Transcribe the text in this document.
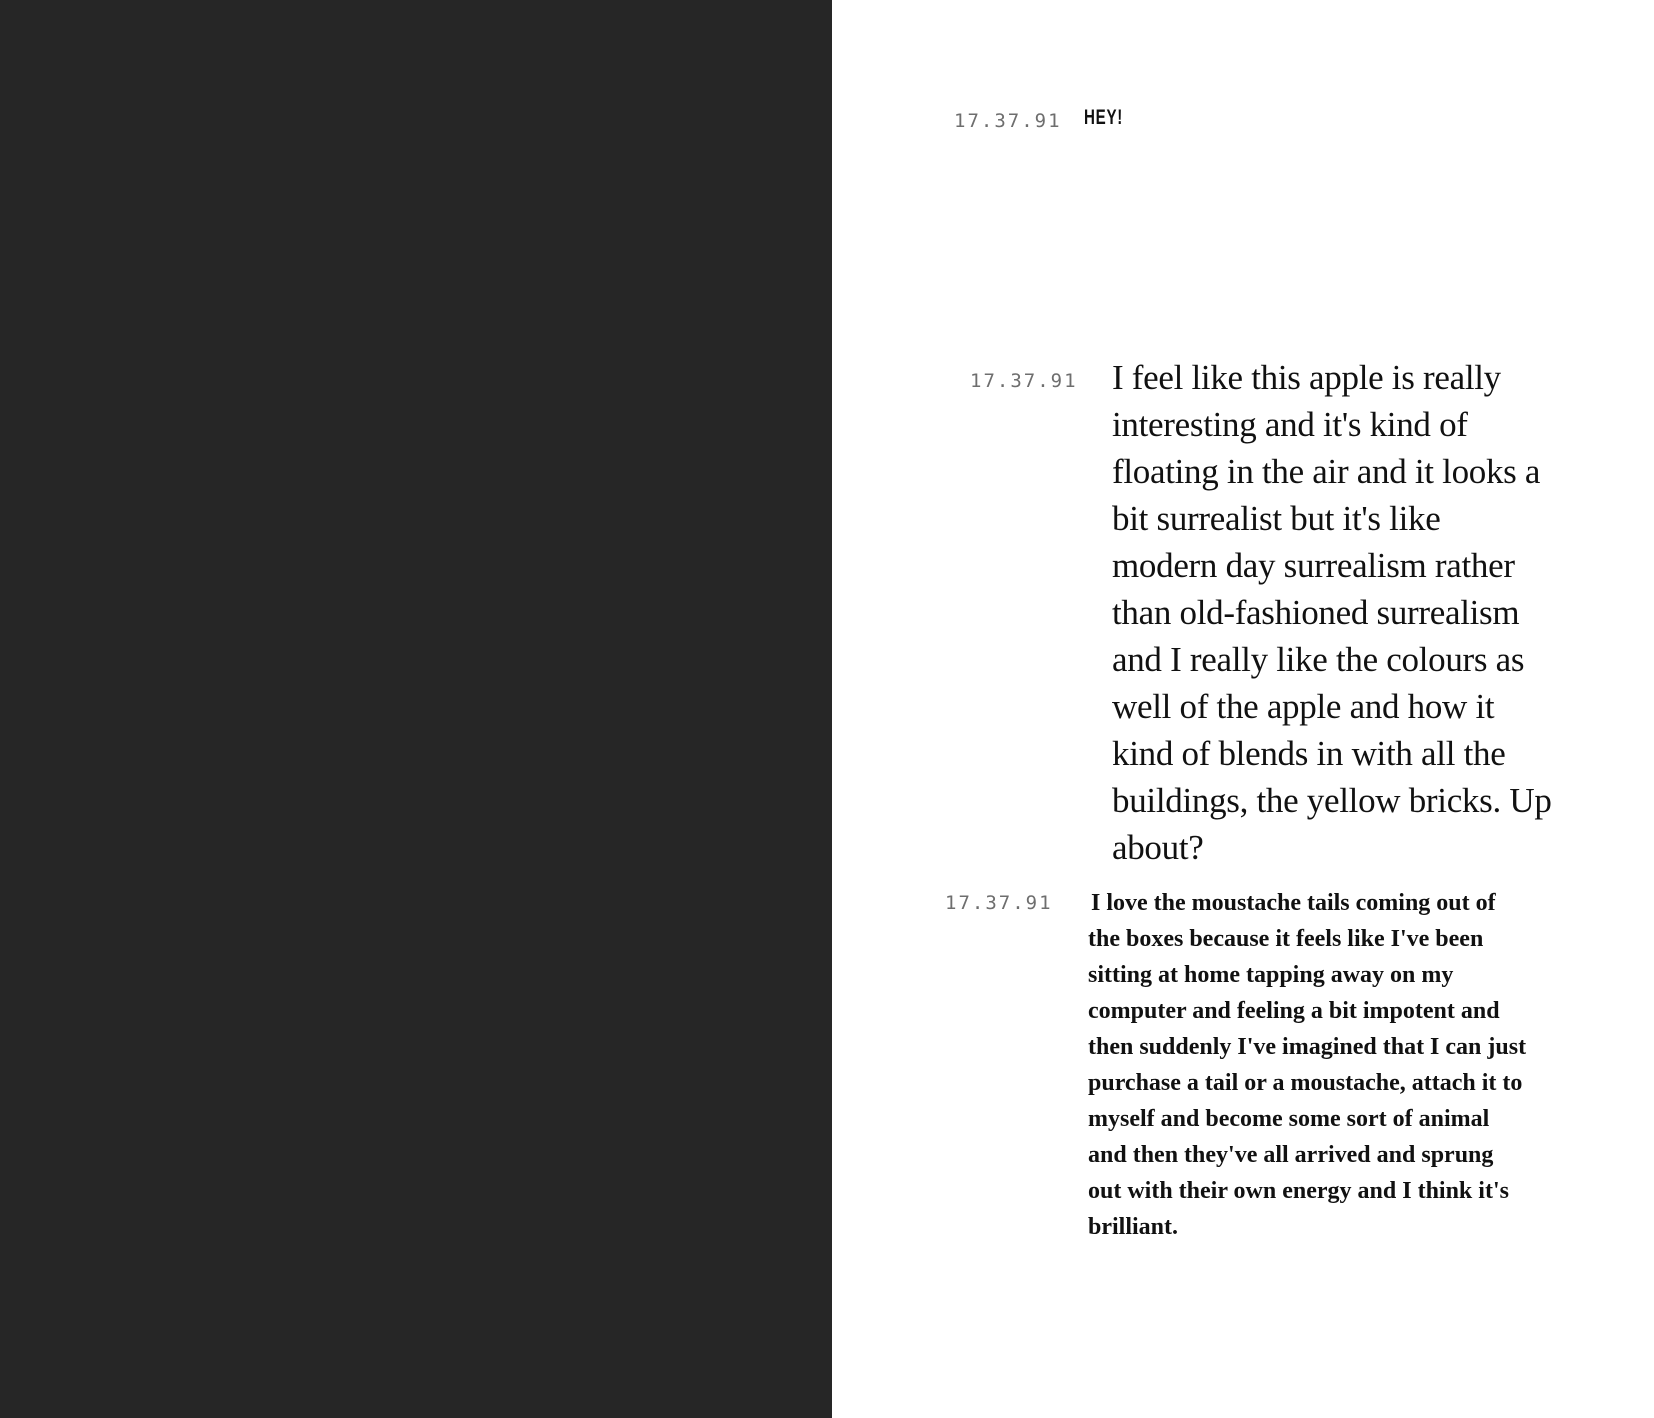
17.37.91 HEY!

17.37.91 I feel like this apple is really interesting and it's kind of floating in the air and it looks a bit surrealist but it's like modern day surrealism rather than old-fashioned surrealism and I really like the colours as well of the apple and how it kind of blends in with all the buildings, the yellow bricks. Up about?

17.37.91 I love the moustache tails coming out of the boxes because it feels like I've been sitting at home tapping away on my computer and feeling a bit impotent and then suddenly I've imagined that I can just purchase a tail or a moustache, attach it to myself and become some sort of animal and then they've all arrived and sprung out with their own energy and I think it's brilliant.
